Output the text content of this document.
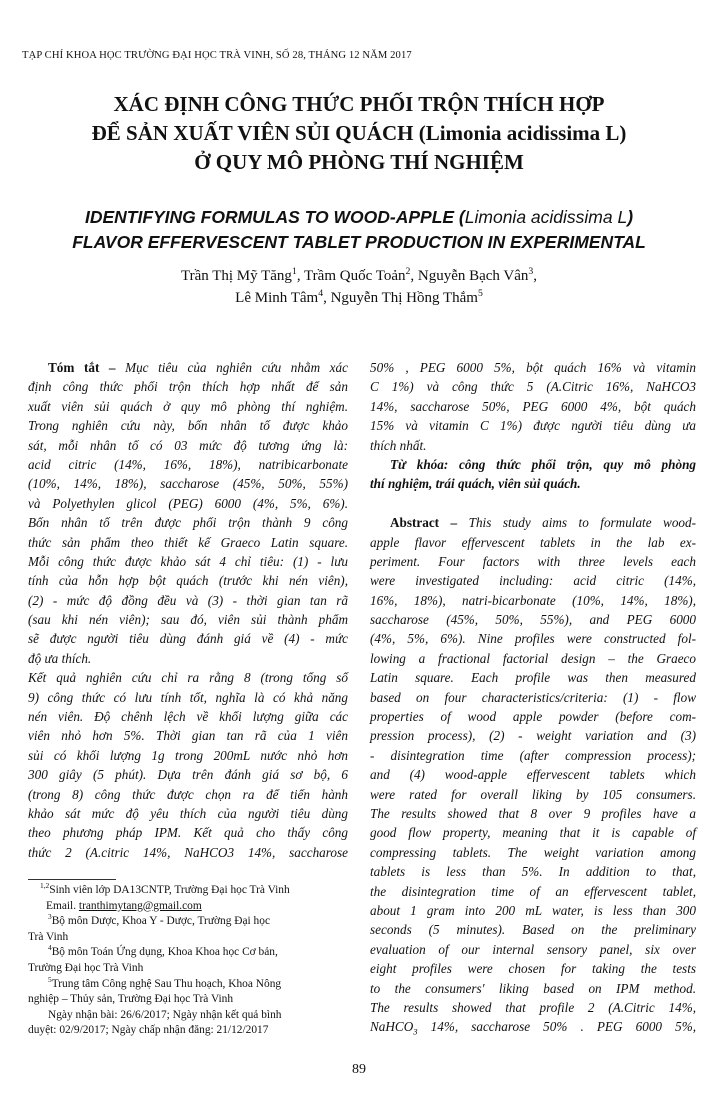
TẠP CHÍ KHOA HỌC TRƯỜNG ĐẠI HỌC TRÀ VINH, SỐ 28, THÁNG 12 NĂM 2017
XÁC ĐỊNH CÔNG THỨC PHỐI TRỘN THÍCH HỢP
ĐỂ SẢN XUẤT VIÊN SỦI QUÁCH (Limonia acidissima L)
Ở QUY MÔ PHÒNG THÍ NGHIỆM
IDENTIFYING FORMULAS TO WOOD-APPLE (Limonia acidissima L)
FLAVOR EFFERVESCENT TABLET PRODUCTION IN EXPERIMENTAL
Trần Thị Mỹ Tăng$^1$, Trầm Quốc Toản$^2$, Nguyễn Bạch Vân$^3$,
Lê Minh Tâm$^4$, Nguyễn Thị Hồng Thắm$^5$
Tóm tắt – Mục tiêu của nghiên cứu nhằm xác
định công thức phối trộn thích hợp nhất để sản
xuất viên sủi quách ở quy mô phòng thí nghiệm.
Trong nghiên cứu này, bốn nhân tố được khảo
sát, mỗi nhân tố có 03 mức độ tương ứng là:
acid citric (14%, 16%, 18%), natribicarbonate
(10%, 14%, 18%), saccharose (45%, 50%, 55%)
và Polyethylen glicol (PEG) 6000 (4%, 5%, 6%).
Bốn nhân tố trên được phối trộn thành 9 công
thức sản phẩm theo thiết kế Graeco Latin square.
Mỗi công thức được khảo sát 4 chỉ tiêu: (1) - lưu
tính của hỗn hợp bột quách (trước khi nén viên),
(2) - mức độ đồng đều và (3) - thời gian tan rã
(sau khi nén viên); sau đó, viên sủi thành phẩm
sẽ được người tiêu dùng đánh giá về (4) - mức
độ ưa thích.
Kết quả nghiên cứu chỉ ra rằng 8 (trong tổng số
9) công thức có lưu tính tốt, nghĩa là có khả năng
nén viên. Độ chênh lệch về khối lượng giữa các
viên nhỏ hơn 5%. Thời gian tan rã của 1 viên
sủi có khối lượng 1g trong 200mL nước nhỏ hơn
300 giây (5 phút). Dựa trên đánh giá sơ bộ, 6
(trong 8) công thức được chọn ra để tiến hành
khảo sát mức độ yêu thích của người tiêu dùng
theo phương pháp IPM. Kết quả cho thấy công
thức 2 (A.citric 14%, NaHCO3 14%, saccharose
$^{1,2}$Sinh viên lớp DA13CNTP, Trường Đại học Trà Vinh
Email. tranthimytang@gmail.com
$^3$Bộ môn Dược, Khoa Y - Dược, Trường Đại học
Trà Vinh
$^4$Bộ môn Toán Ứng dụng, Khoa Khoa học Cơ bản,
Trường Đại học Trà Vinh
$^5$Trung tâm Công nghệ Sau Thu hoạch, Khoa Nông
nghiệp – Thủy sản, Trường Đại học Trà Vinh
Ngày nhận bài: 26/6/2017; Ngày nhận kết quả bình
duyệt: 02/9/2017; Ngày chấp nhận đăng: 21/12/2017
50% , PEG 6000 5%, bột quách 16% và vitamin
C 1%) và công thức 5 (A.Citric 16%, NaHCO3
14%, saccharose 50%, PEG 6000 4%, bột quách
15% và vitamin C 1%) được người tiêu dùng ưa
thích nhất.
Từ khóa: công thức phối trộn, quy mô phòng
thí nghiệm, trái quách, viên sủi quách.
Abstract – This study aims to formulate wood-
apple flavor effervescent tablets in the lab ex-
periment. Four factors with three levels each
were investigated including: acid citric (14%,
16%, 18%), natri-bicarbonate (10%, 14%, 18%),
saccharose (45%, 50%, 55%), and PEG 6000
(4%, 5%, 6%). Nine profiles were constructed fol-
lowing a fractional factorial design – the Graeco
Latin square. Each profile was then measured
based on four characteristics/criteria: (1) - flow
properties of wood apple powder (before com-
pression process), (2) - weight variation and (3)
- disintegration time (after compression process);
and (4) wood-apple effervescent tablets which
were rated for overall liking by 105 consumers.
The results showed that 8 over 9 profiles have a
good flow property, meaning that it is capable of
compressing tablets. The weight variation among
tablets is less than 5%. In addition to that,
the disintegration time of an effervescent tablet,
about 1 gram into 200 mL water, is less than 300
seconds (5 minutes). Based on the preliminary
evaluation of our internal sensory panel, six over
eight profiles were chosen for taking the tests
to the consumers' liking based on IPM method.
The results showed that profile 2 (A.Citric 14%,
NaHCO$_3$ 14%, saccharose 50% . PEG 6000 5%,
89
